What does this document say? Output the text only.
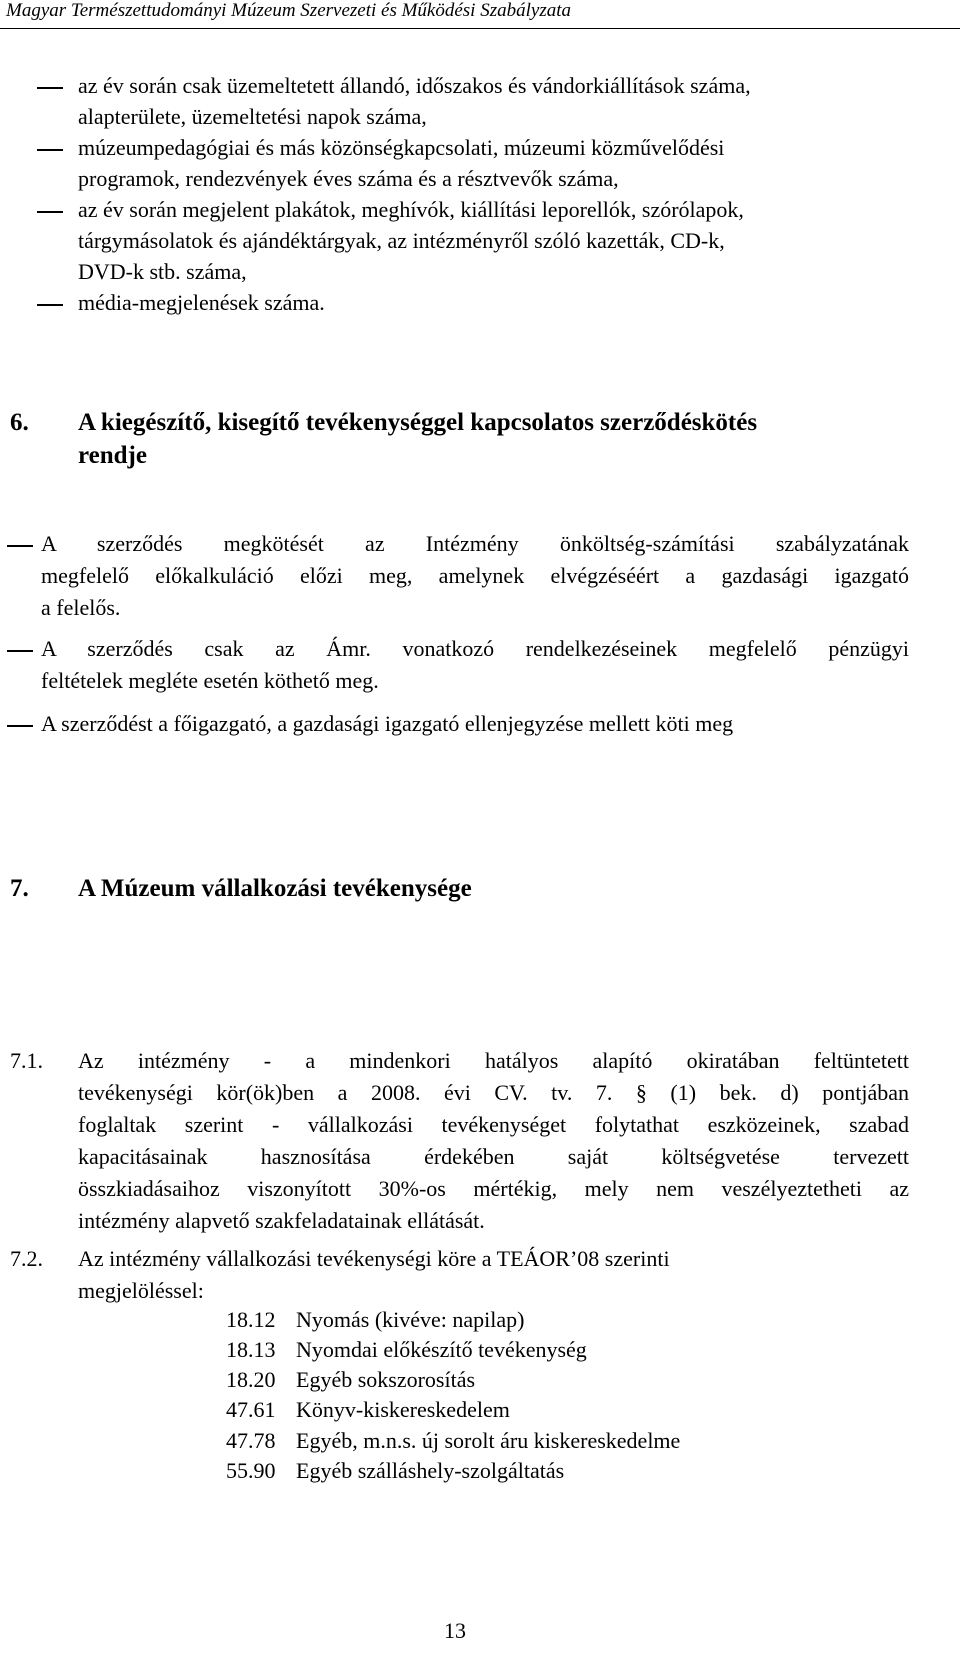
Magyar Természettudományi Múzeum Szervezeti és Működési Szabályzata
az év során csak üzemeltetett állandó, időszakos és vándorkiállítások száma,
alapterülete, üzemeltetési napok száma,
múzeumpedagógiai és más közönségkapcsolati, múzeumi közművelődési
programok, rendezvények éves száma és a résztvevők száma,
az év során megjelent plakátok, meghívók, kiállítási leporellók, szórólapok,
tárgymásolatok és ajándéktárgyak, az intézményről szóló kazetták, CD-k,
DVD-k stb. száma,
média-megjelenések száma.
6. A kiegészítő, kisegítő tevékenységgel kapcsolatos szerződéskötés
rendje
A szerződés megkötését az Intézmény önköltség-számítási szabályzatának
megfelelő előkalkuláció előzi meg, amelynek elvégzéséért a gazdasági igazgató
a felelős.
A szerződés csak az Ámr. vonatkozó rendelkezéseinek megfelelő pénzügyi
feltételek megléte esetén köthető meg.
A szerződést a főigazgató, a gazdasági igazgató ellenjegyzése mellett köti meg
7. A Múzeum vállalkozási tevékenysége
7.1. Az intézmény - a mindenkori hatályos alapító okiratában feltüntetett
tevékenységi kör(ök)ben a 2008. évi CV. tv. 7. § (1) bek. d) pontjában
foglaltak szerint - vállalkozási tevékenységet folytathat eszközeinek, szabad
kapacitásainak hasznosítása érdekében saját költségvetése tervezett
összkiadásaihoz viszonyított 30%-os mértékig, mely nem veszélyeztetheti az
intézmény alapvető szakfeladatainak ellátását.
7.2. Az intézmény vállalkozási tevékenységi köre a TEÁOR’08 szerinti
megjelöléssel:
18.12 Nyomás (kivéve: napilap)
18.13 Nyomdai előkészítő tevékenység
18.20 Egyéb sokszorosítás
47.61 Könyv-kiskereskedelem
47.78 Egyéb, m.n.s. új sorolt áru kiskereskedelme
55.90 Egyéb szálláshely-szolgáltatás
13
